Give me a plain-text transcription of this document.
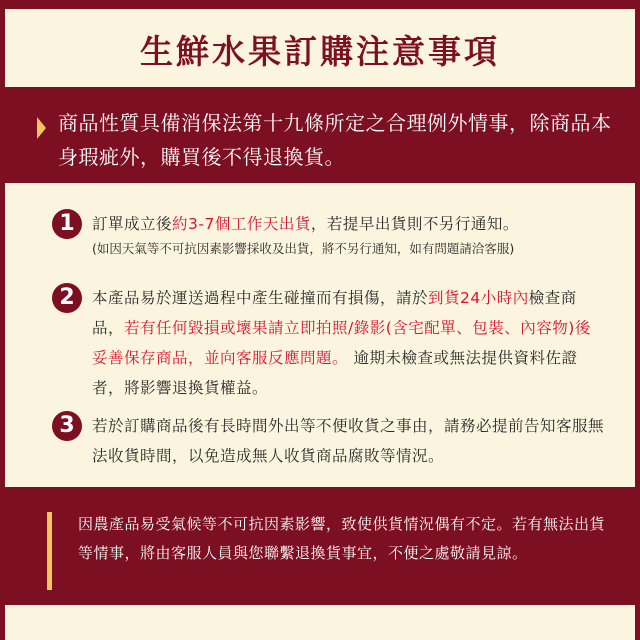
生鮮水果訂購注意事項
商品性質具備消保法第十九條所定之合理例外情事，除商品本身瑕疵外，購買後不得退換貨。
1	訂單成立後約3-7個工作天出貨，若提早出貨則不另行通知。
(如因天氣等不可抗因素影響採收及出貨，將不另行通知，如有問題請洽客服)
2	本產品易於運送過程中產生碰撞而有損傷，請於到貨24小時內檢查商品，若有任何毀損或壞果請立即拍照/錄影(含宅配單、包裝、內容物)後妥善保存商品，並向客服反應問題。 逾期未檢查或無法提供資料佐證者，將影響退換貨權益。
3	若於訂購商品後有長時間外出等不便收貨之事由，請務必提前告知客服無法收貨時間，以免造成無人收貨商品腐敗等情況。
因農產品易受氣候等不可抗因素影響，致使供貨情況偶有不定。若有無法出貨等情事，將由客服人員與您聯繫退換貨事宜，不便之處敬請見諒。
